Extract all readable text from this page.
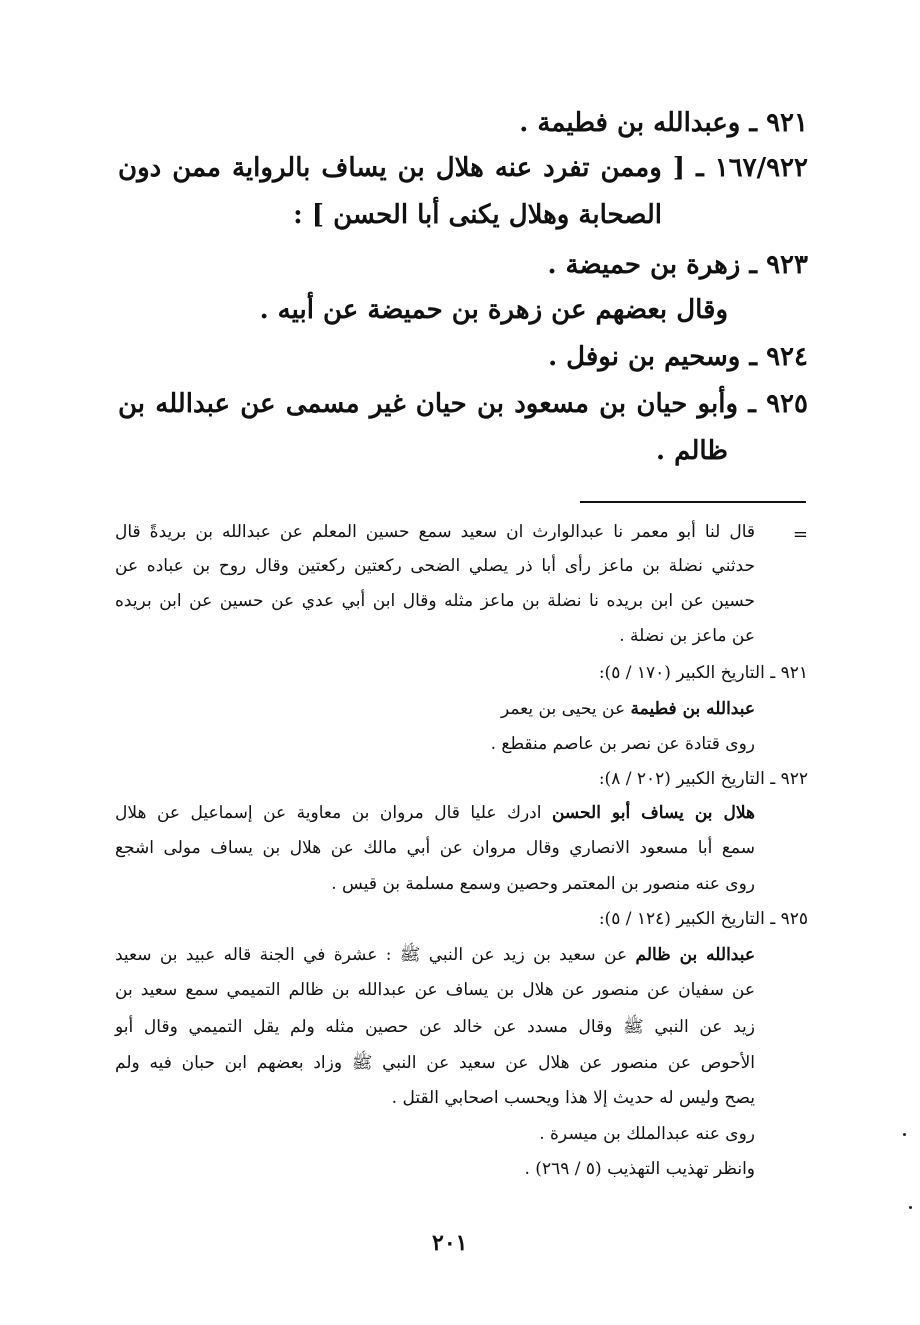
٩٢١ ـ وعبدالله بن فطيمة .
١٦٧/٩٢٢ ـ [ وممن تفرد عنه هلال بن يساف بالرواية ممن دون
الصحابة وهلال يكنى أبا الحسن ] :
٩٢٣ ـ زهرة بن حميضة .
وقال بعضهم عن زهرة بن حميضة عن أبيه .
٩٢٤ ـ وسحيم بن نوفل .
٩٢٥ ـ وأبو حيان بن مسعود بن حيان غير مسمى عن عبدالله بن
ظالم .
=
قال لنا أبو معمر نا عبدالوارث ان سعيد سمع حسين المعلم عن عبدالله بن بريدةً قال
حدثني نضلة بن ماعز رأى أبا ذر يصلي الضحى ركعتين ركعتين وقال روح بن عباده عن
حسين عن ابن بريده نا نضلة بن ماعز مثله وقال ابن أبي عدي عن حسين عن ابن بريده
عن ماعز بن نضلة .
٩٢١ ـ التاريخ الكبير (١٧٠ / ٥):
عبدالله بن فطيمة عن يحيى بن يعمر
روى قتادة عن نصر بن عاصم منقطع .
٩٢٢ ـ التاريخ الكبير (٢٠٢ / ٨):
هلال بن يساف أبو الحسن ادرك عليا قال مروان بن معاوية عن إسماعيل عن هلال
سمع أبا مسعود الانصاري وقال مروان عن أبي مالك عن هلال بن يساف مولى اشجع
روى عنه منصور بن المعتمر وحصين وسمع مسلمة بن قيس .
٩٢٥ ـ التاريخ الكبير (١٢٤ / ٥):
عبدالله بن ظالم عن سعيد بن زيد عن النبي ﷺ : عشرة في الجنة قاله عبيد بن سعيد
عن سفيان عن منصور عن هلال بن يساف عن عبدالله بن ظالم التميمي سمع سعيد بن
زيد عن النبي ﷺ وقال مسدد عن خالد عن حصين مثله ولم يقل التميمي وقال أبو
الأحوص عن منصور عن هلال عن سعيد عن النبي ﷺ وزاد بعضهم ابن حبان فيه ولم
يصح وليس له حديث إلا هذا ويحسب اصحابي القتل .
روى عنه عبدالملك بن ميسرة .
وانظر تهذيب التهذيب (٥ / ٢٦٩) .
٢٠١
